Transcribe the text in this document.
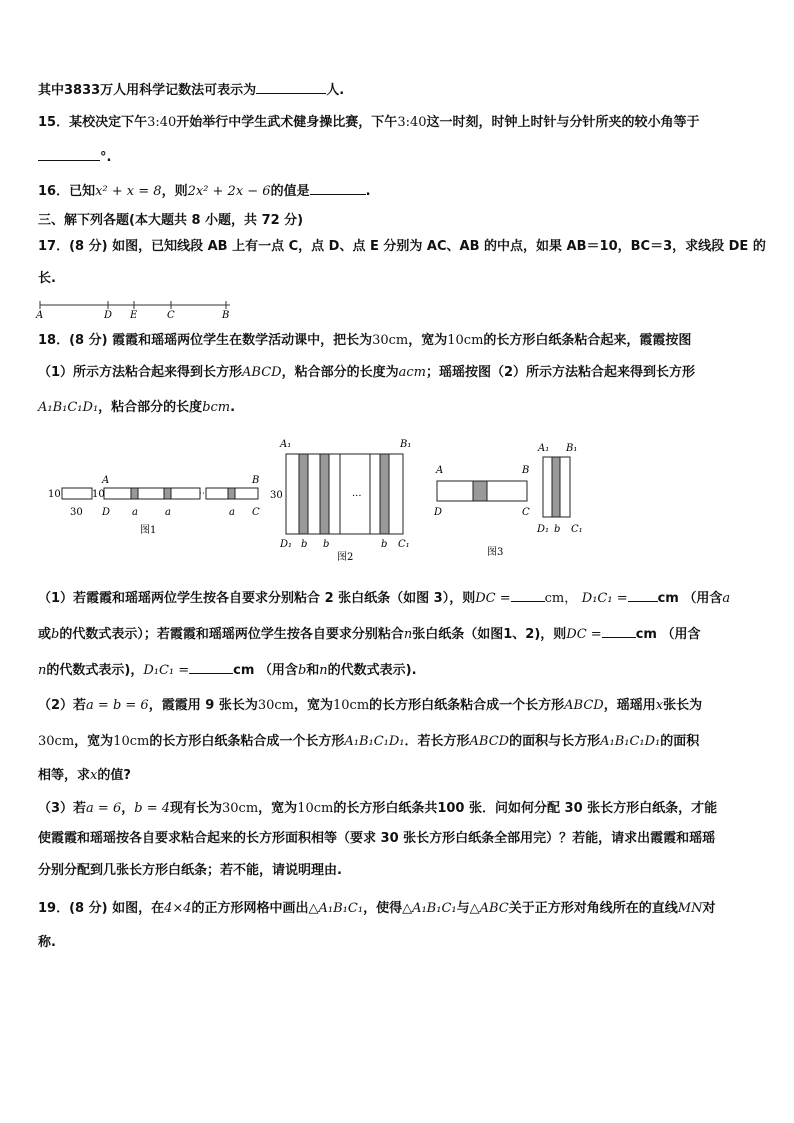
其中3833万人用科学记数法可表示为	人.
15．某校决定下午3:40开始举行中学生武术健身操比赛，下午3:40这一时刻，时钟上时针与分针所夹的较小角等于
°.
16．已知x² + x = 8，则2x² + 2x − 6的值是	.
三、解下列各题(本大题共 8 小题，共 72 分)
17．(8 分) 如图，已知线段 AB 上有一点 C，点 D、点 E 分别为 AC、AB 的中点，如果 AB＝10，BC＝3，求线段 DE 的
长.
A	D E	C	B
18．(8 分) 霞霞和瑶瑶两位学生在数学活动课中，把长为30cm，宽为10cm的长方形白纸条粘合起来，霞霞按图
（1）所示方法粘合起来得到长方形ABCD，粘合部分的长度为acm；瑶瑶按图（2）所示方法粘合起来得到长方形
A₁B₁C₁D₁，粘合部分的长度bcm.
10
30
10
A
D a	a	a
B
C
图1
A₁	B₁
30	···
D₁ b b	b C₁
图2
A	B
D	C
A₁ B₁
D₁ b C₁
图3
（1）若霞霞和瑶瑶两位学生按各自要求分别粘合 2 张白纸条（如图 3），则DC =	cm， D₁C₁ = cm （用含a
或b的代数式表示）；若霞霞和瑶瑶两位学生按各自要求分别粘合n张白纸条（如图1、2)，则DC =	cm （用含
n的代数式表示)，D₁C₁ =	cm （用含b和n的代数式表示).
（2）若a = b = 6，霞霞用 9 张长为30cm，宽为10cm的长方形白纸条粘合成一个长方形ABCD，瑶瑶用x张长为
30cm，宽为10cm的长方形白纸条粘合成一个长方形A₁B₁C₁D₁．若长方形ABCD的面积与长方形A₁B₁C₁D₁的面积
相等，求x的值?
（3）若a = 6，b = 4现有长为30cm，宽为10cm的长方形白纸条共100 张．问如何分配 30 张长方形白纸条，才能
使霞霞和瑶瑶按各自要求粘合起来的长方形面积相等（要求 30 张长方形白纸条全部用完）？若能，请求出霞霞和瑶瑶
分别分配到几张长方形白纸条；若不能，请说明理由.
19．(8 分) 如图，在4×4的正方形网格中画出△A₁B₁C₁，使得△A₁B₁C₁与△ABC关于正方形对角线所在的直线MN对
称.
